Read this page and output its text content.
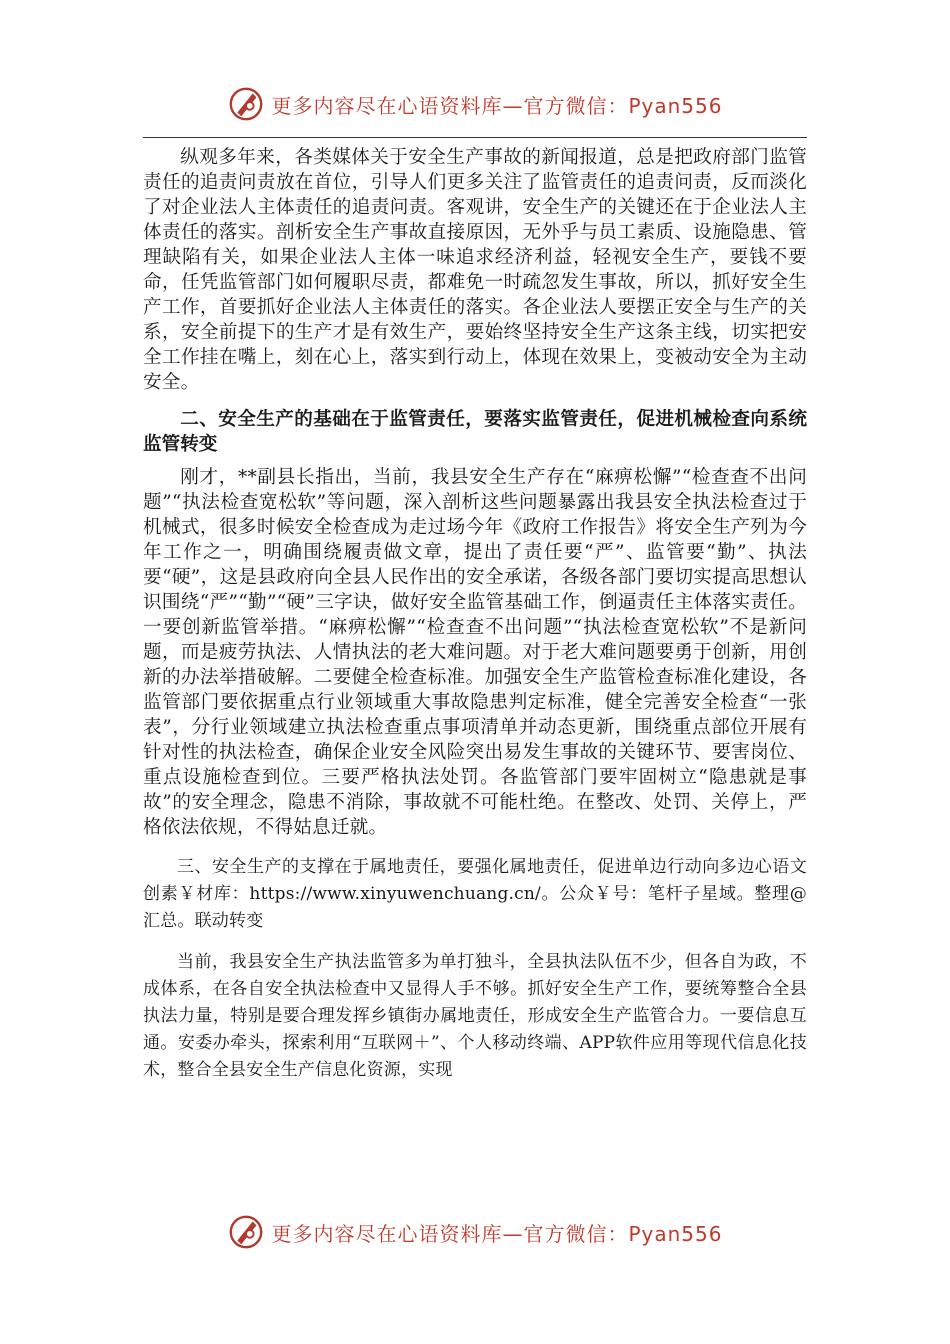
更多内容尽在心语资料库—官方微信：Pyan556

纵观多年来，各类媒体关于安全生产事故的新闻报道，总是把政府部门监管责任的追责问责放在首位，引导人们更多关注了监管责任的追责问责，反而淡化了对企业法人主体责任的追责问责。客观讲，安全生产的关键还在于企业法人主体责任的落实。剖析安全生产事故直接原因，无外乎与员工素质、设施隐患、管理缺陷有关，如果企业法人主体一味追求经济利益，轻视安全生产，要钱不要命，任凭监管部门如何履职尽责，都难免一时疏忽发生事故，所以，抓好安全生产工作，首要抓好企业法人主体责任的落实。各企业法人要摆正安全与生产的关系，安全前提下的生产才是有效生产，要始终坚持安全生产这条主线，切实把安全工作挂在嘴上，刻在心上，落实到行动上，体现在效果上，变被动安全为主动安全。

二、安全生产的基础在于监管责任，要落实监管责任，促进机械检查向系统监管转变

刚才，**副县长指出，当前，我县安全生产存在“麻痹松懈”“检查查不出问题”“执法检查宽松软”等问题，深入剖析这些问题暴露出我县安全执法检查过于机械式，很多时候安全检查成为走过场今年《政府工作报告》将安全生产列为今年工作之一，明确围绕履责做文章，提出了责任要“严”、监管要“勤”、执法要“硬”，这是县政府向全县人民作出的安全承诺，各级各部门要切实提高思想认识围绕“严”“勤”“硬”三字诀，做好安全监管基础工作，倒逼责任主体落实责任。一要创新监管举措。“麻痹松懈”“检查查不出问题”“执法检查宽松软”不是新问题，而是疲劳执法、人情执法的老大难问题。对于老大难问题要勇于创新，用创新的办法举措破解。二要健全检查标准。加强安全生产监管检查标准化建设，各监管部门要依据重点行业领域重大事故隐患判定标准，健全完善安全检查“一张表”，分行业领域建立执法检查重点事项清单并动态更新，围绕重点部位开展有针对性的执法检查，确保企业安全风险突出易发生事故的关键环节、要害岗位、重点设施检查到位。三要严格执法处罚。各监管部门要牢固树立“隐患就是事故”的安全理念，隐患不消除，事故就不可能杜绝。在整改、处罚、关停上，严格依法依规，不得姑息迁就。

三、安全生产的支撑在于属地责任，要强化属地责任，促进单边行动向多边心语文创素￥材库：https://www.xinyuwenchuang.cn/。公众￥号：笔杆子星域。整理@汇总。联动转变

当前，我县安全生产执法监管多为单打独斗，全县执法队伍不少，但各自为政，不成体系，在各自安全执法检查中又显得人手不够。抓好安全生产工作，要统筹整合全县执法力量，特别是要合理发挥乡镇街办属地责任，形成安全生产监管合力。一要信息互通。安委办牵头，探索利用“互联网＋”、个人移动终端、APP软件应用等现代信息化技术，整合全县安全生产信息化资源，实现

更多内容尽在心语资料库—官方微信：Pyan556
